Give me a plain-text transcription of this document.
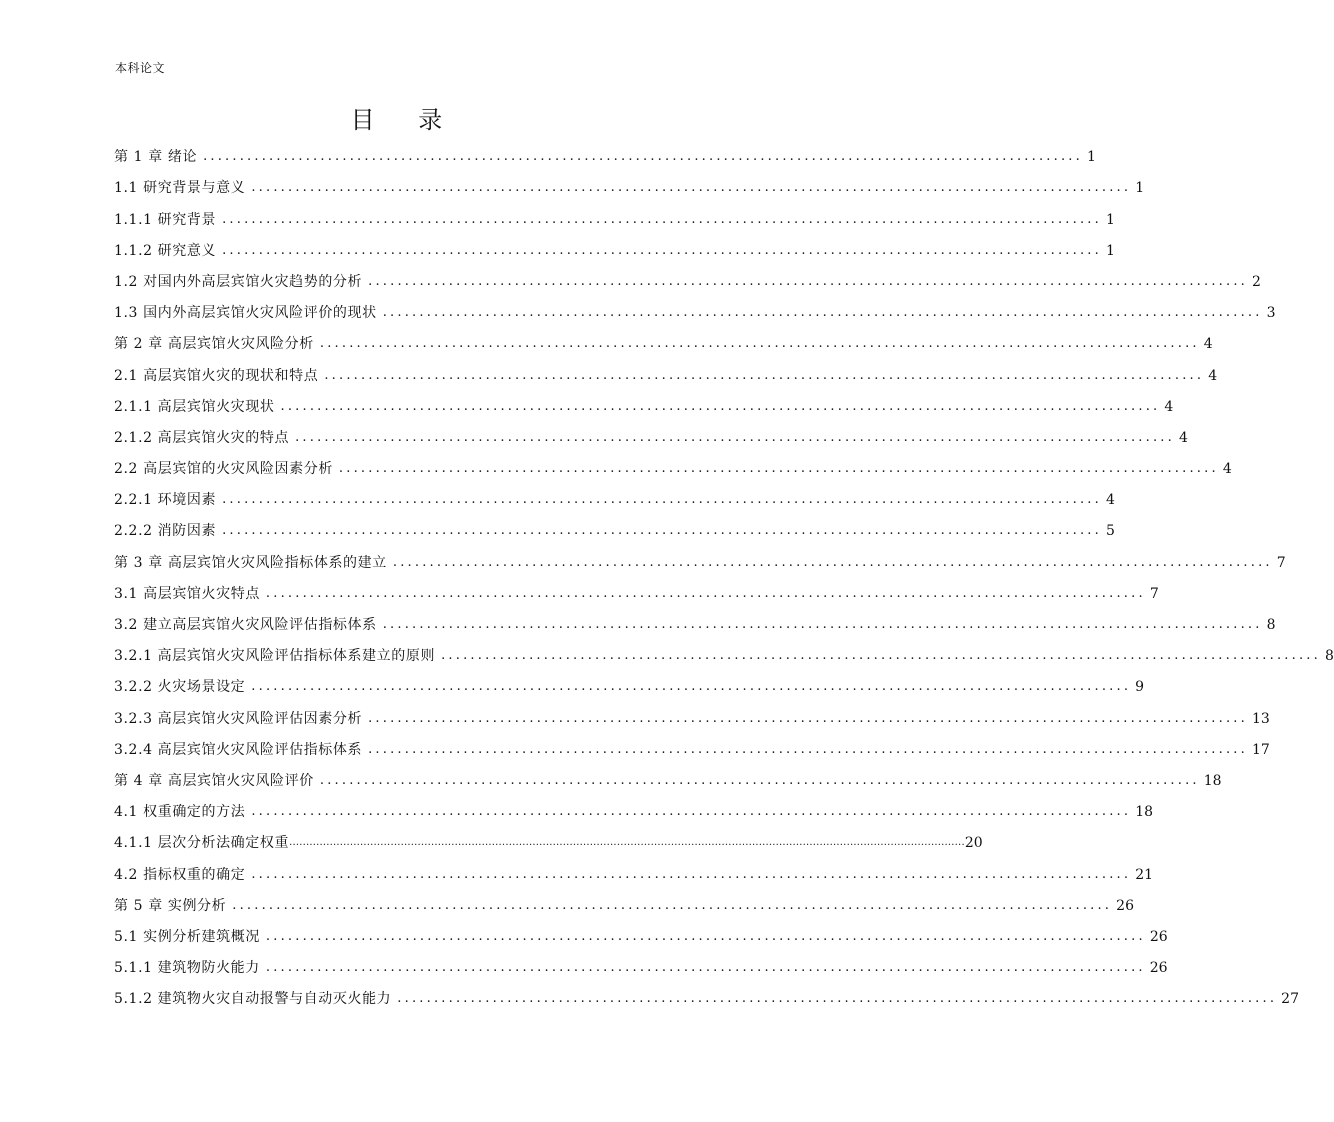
本科论文
目 录
第 1 章 绪论 ........................................................................................................................ 1
1.1 研究背景与意义 ........................................................................................................................ 1
1.1.1 研究背景 ........................................................................................................................ 1
1.1.2 研究意义 ........................................................................................................................ 1
1.2 对国内外高层宾馆火灾趋势的分析 ........................................................................................................................ 2
1.3 国内外高层宾馆火灾风险评价的现状 ........................................................................................................................ 3
第 2 章 高层宾馆火灾风险分析 ........................................................................................................................ 4
2.1 高层宾馆火灾的现状和特点 ........................................................................................................................ 4
2.1.1 高层宾馆火灾现状 ........................................................................................................................ 4
2.1.2 高层宾馆火灾的特点 ........................................................................................................................ 4
2.2 高层宾馆的火灾风险因素分析 ........................................................................................................................ 4
2.2.1 环境因素 ........................................................................................................................ 4
2.2.2 消防因素 ........................................................................................................................ 5
第 3 章 高层宾馆火灾风险指标体系的建立 ........................................................................................................................ 7
3.1 高层宾馆火灾特点 ........................................................................................................................ 7
3.2 建立高层宾馆火灾风险评估指标体系 ........................................................................................................................ 8
3.2.1 高层宾馆火灾风险评估指标体系建立的原则 ........................................................................................................................ 8
3.2.2 火灾场景设定 ........................................................................................................................ 9
3.2.3 高层宾馆火灾风险评估因素分析 ........................................................................................................................ 13
3.2.4 高层宾馆火灾风险评估指标体系 ........................................................................................................................ 17
第 4 章 高层宾馆火灾风险评价 ........................................................................................................................ 18
4.1 权重确定的方法 ........................................................................................................................ 18
4.1.1 层次分析法确定权重 ........................................................................................................................................................................................................ 20
4.2 指标权重的确定 ........................................................................................................................ 21
第 5 章 实例分析 ........................................................................................................................ 26
5.1 实例分析建筑概况 ........................................................................................................................ 26
5.1.1 建筑物防火能力 ........................................................................................................................ 26
5.1.2 建筑物火灾自动报警与自动灭火能力 ........................................................................................................................ 27
